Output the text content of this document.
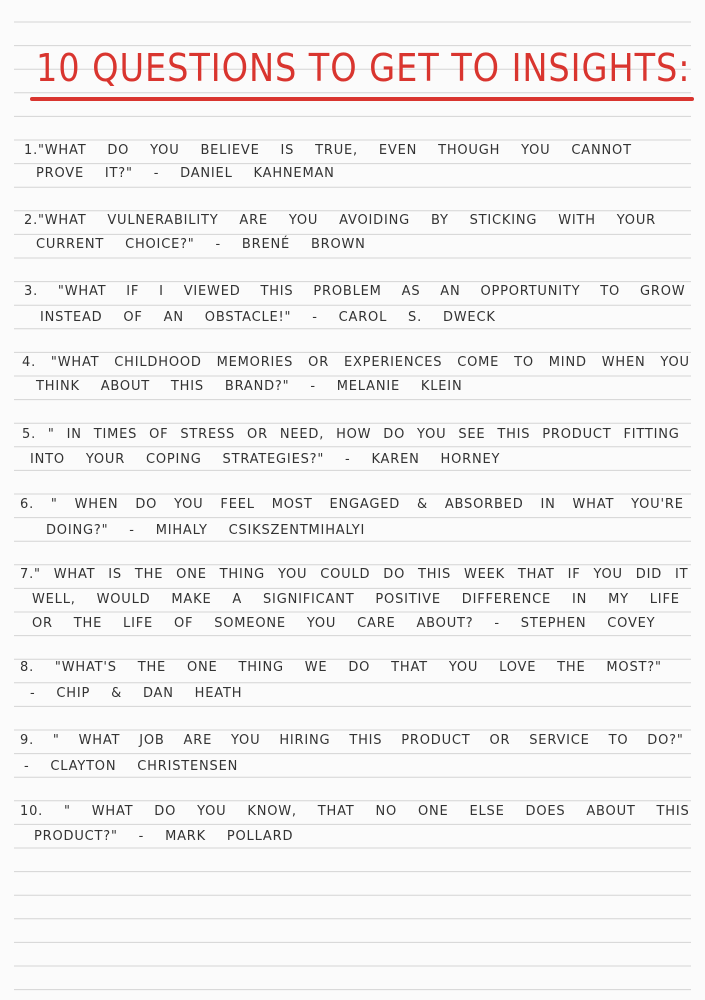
10 QUESTIONS TO GET TO INSIGHTS:
1."WHAT DO YOU BELIEVE IS TRUE, EVEN THOUGH YOU CANNOT
PROVE IT?" - DANIEL KAHNEMAN
2."WHAT VULNERABILITY ARE YOU AVOIDING BY STICKING WITH YOUR
CURRENT CHOICE?" - BRENÉ BROWN
3. "WHAT IF I VIEWED THIS PROBLEM AS AN OPPORTUNITY TO GROW
INSTEAD OF AN OBSTACLE!" - CAROL S. DWECK
4. "WHAT CHILDHOOD MEMORIES OR EXPERIENCES COME TO MIND WHEN YOU
THINK ABOUT THIS BRAND?" - MELANIE KLEIN
5. " IN TIMES OF STRESS OR NEED, HOW DO YOU SEE THIS PRODUCT FITTING
INTO YOUR COPING STRATEGIES?" - KAREN HORNEY
6. " WHEN DO YOU FEEL MOST ENGAGED & ABSORBED IN WHAT YOU'RE
DOING?" - MIHALY CSIKSZENTMIHALYI
7." WHAT IS THE ONE THING YOU COULD DO THIS WEEK THAT IF YOU DID IT
WELL, WOULD MAKE A SIGNIFICANT POSITIVE DIFFERENCE IN MY LIFE
OR THE LIFE OF SOMEONE YOU CARE ABOUT? - STEPHEN COVEY
8. "WHAT'S THE ONE THING WE DO THAT YOU LOVE THE MOST?"
- CHIP & DAN HEATH
9. " WHAT JOB ARE YOU HIRING THIS PRODUCT OR SERVICE TO DO?"
- CLAYTON CHRISTENSEN
10. " WHAT DO YOU KNOW, THAT NO ONE ELSE DOES ABOUT THIS
PRODUCT?" - MARK POLLARD
